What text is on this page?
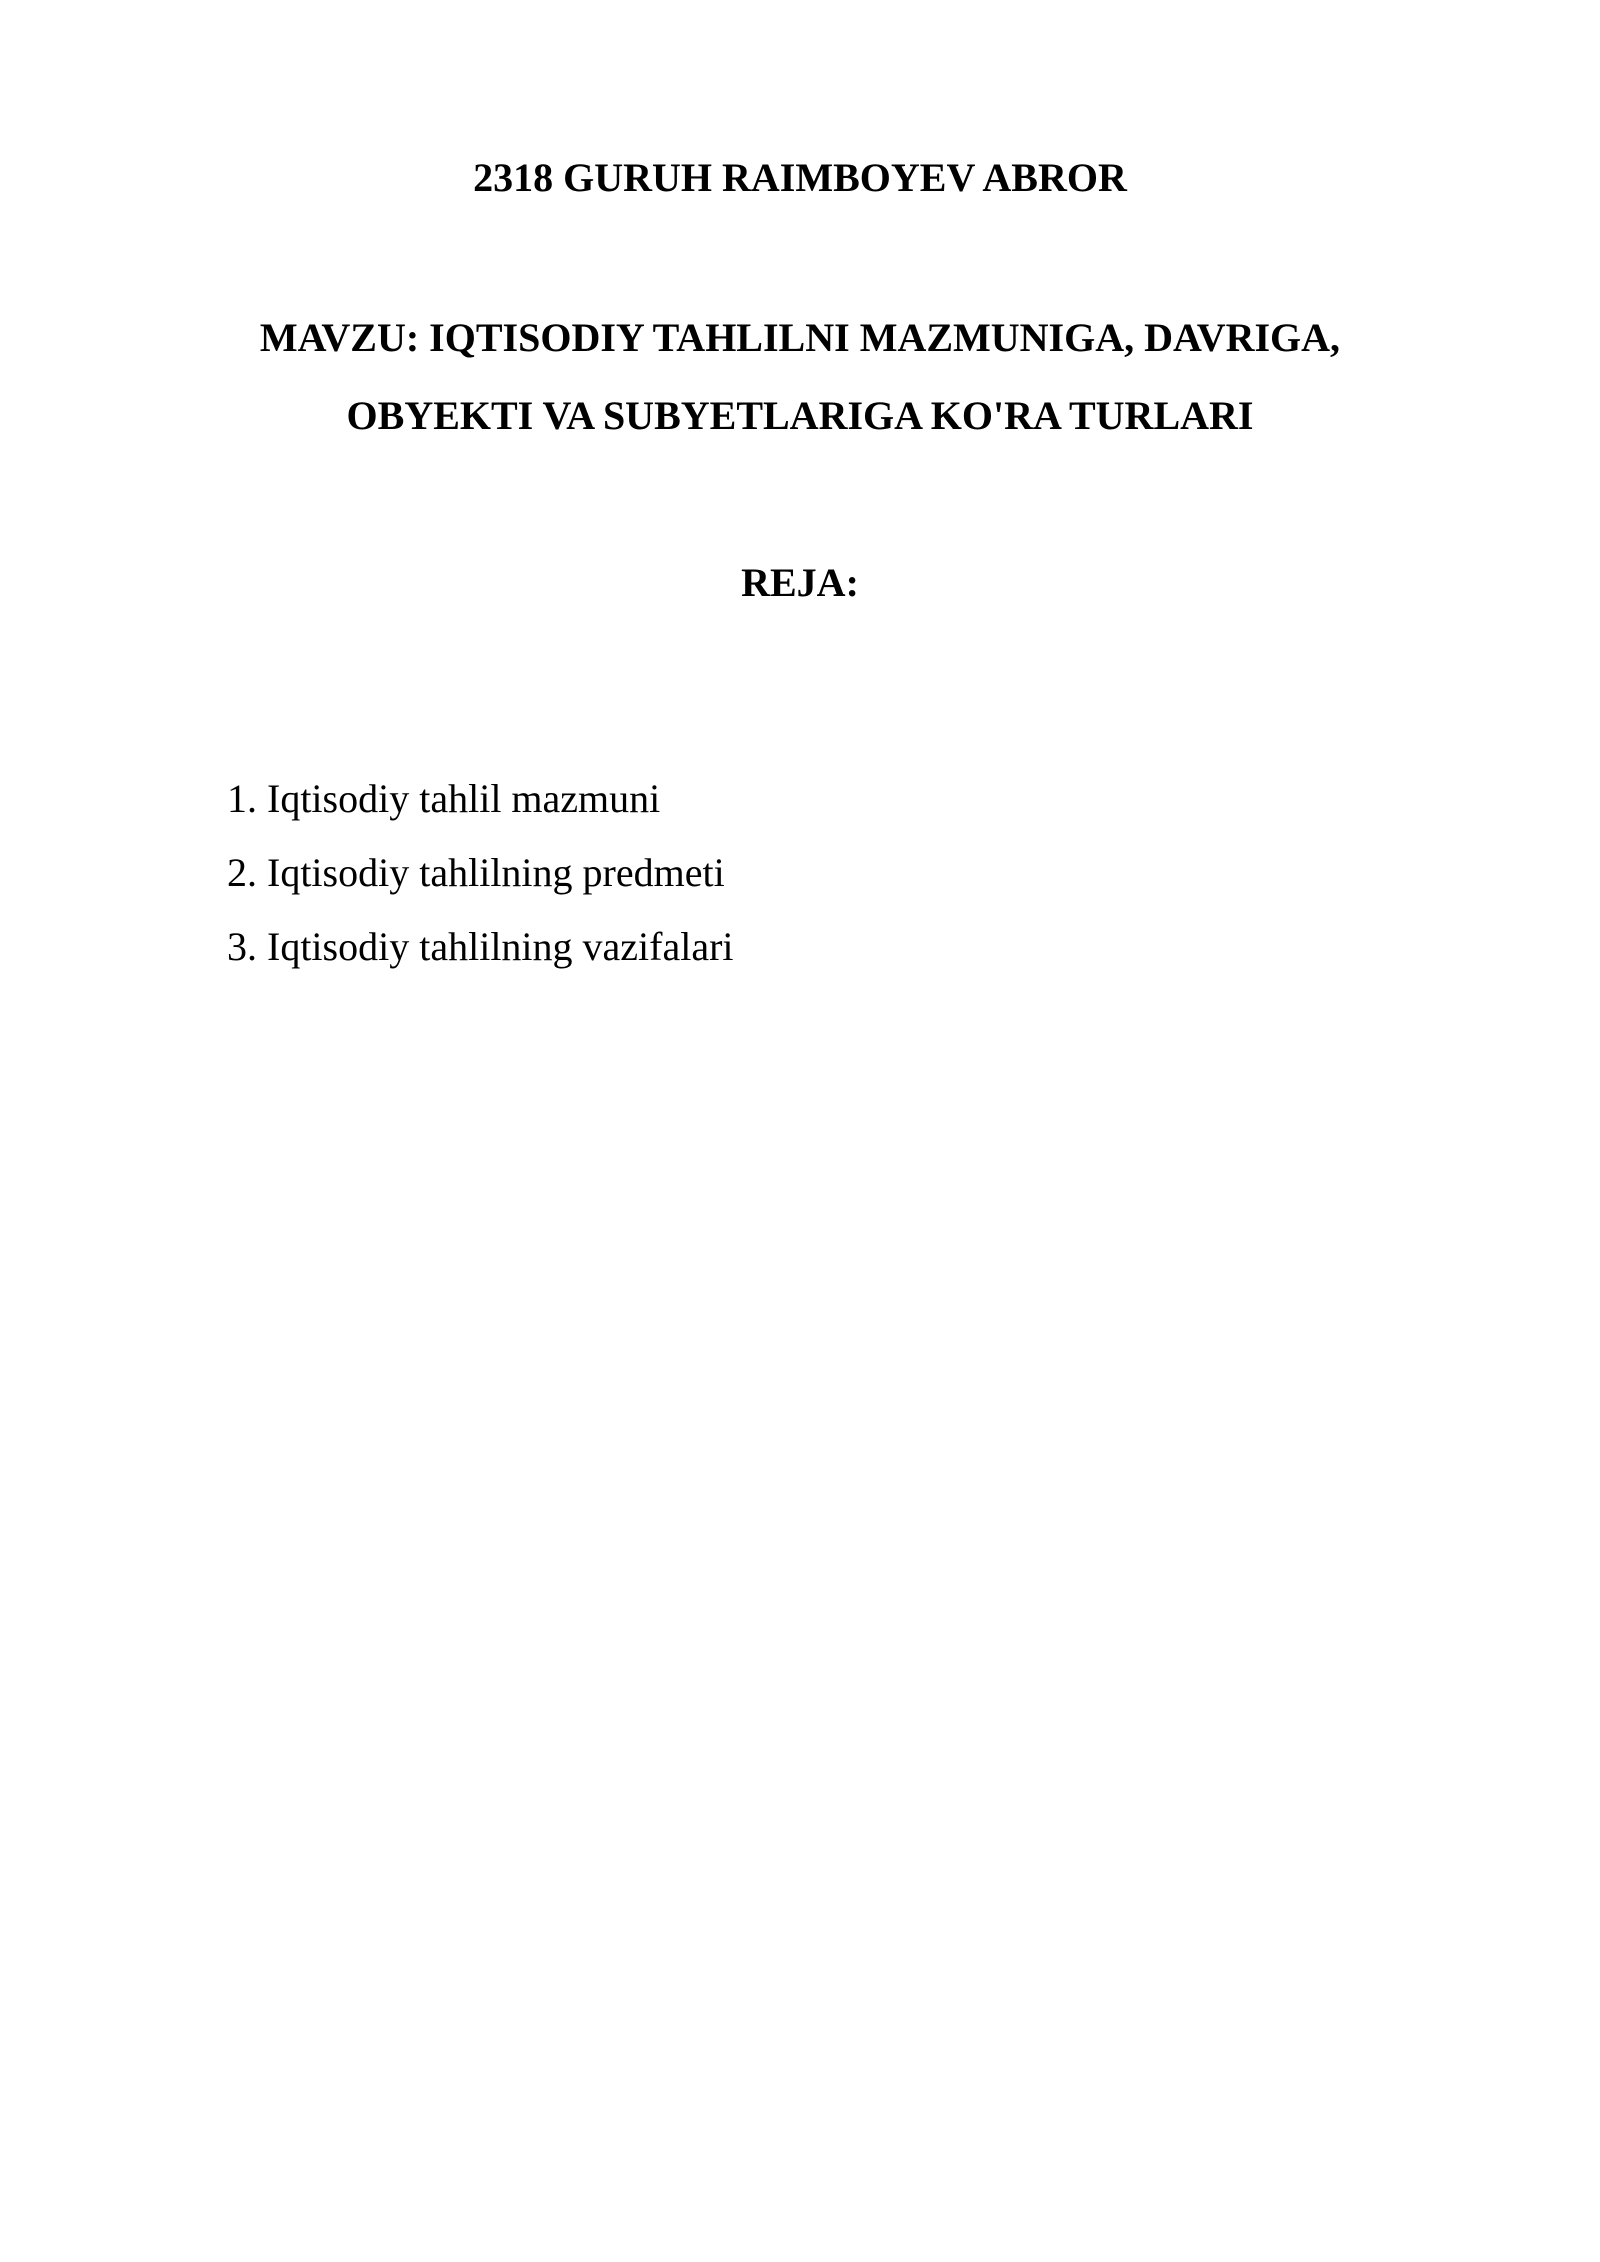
2318 GURUH RAIMBOYEV ABROR
MAVZU: IQTISODIY TAHLILNI MAZMUNIGA, DAVRIGA,
OBYEKTI VA SUBYETLARIGA KO'RA TURLARI
REJA:
1. Iqtisodiy tahlil mazmuni
2. Iqtisodiy tahlilning predmeti
3. Iqtisodiy tahlilning vazifalari
